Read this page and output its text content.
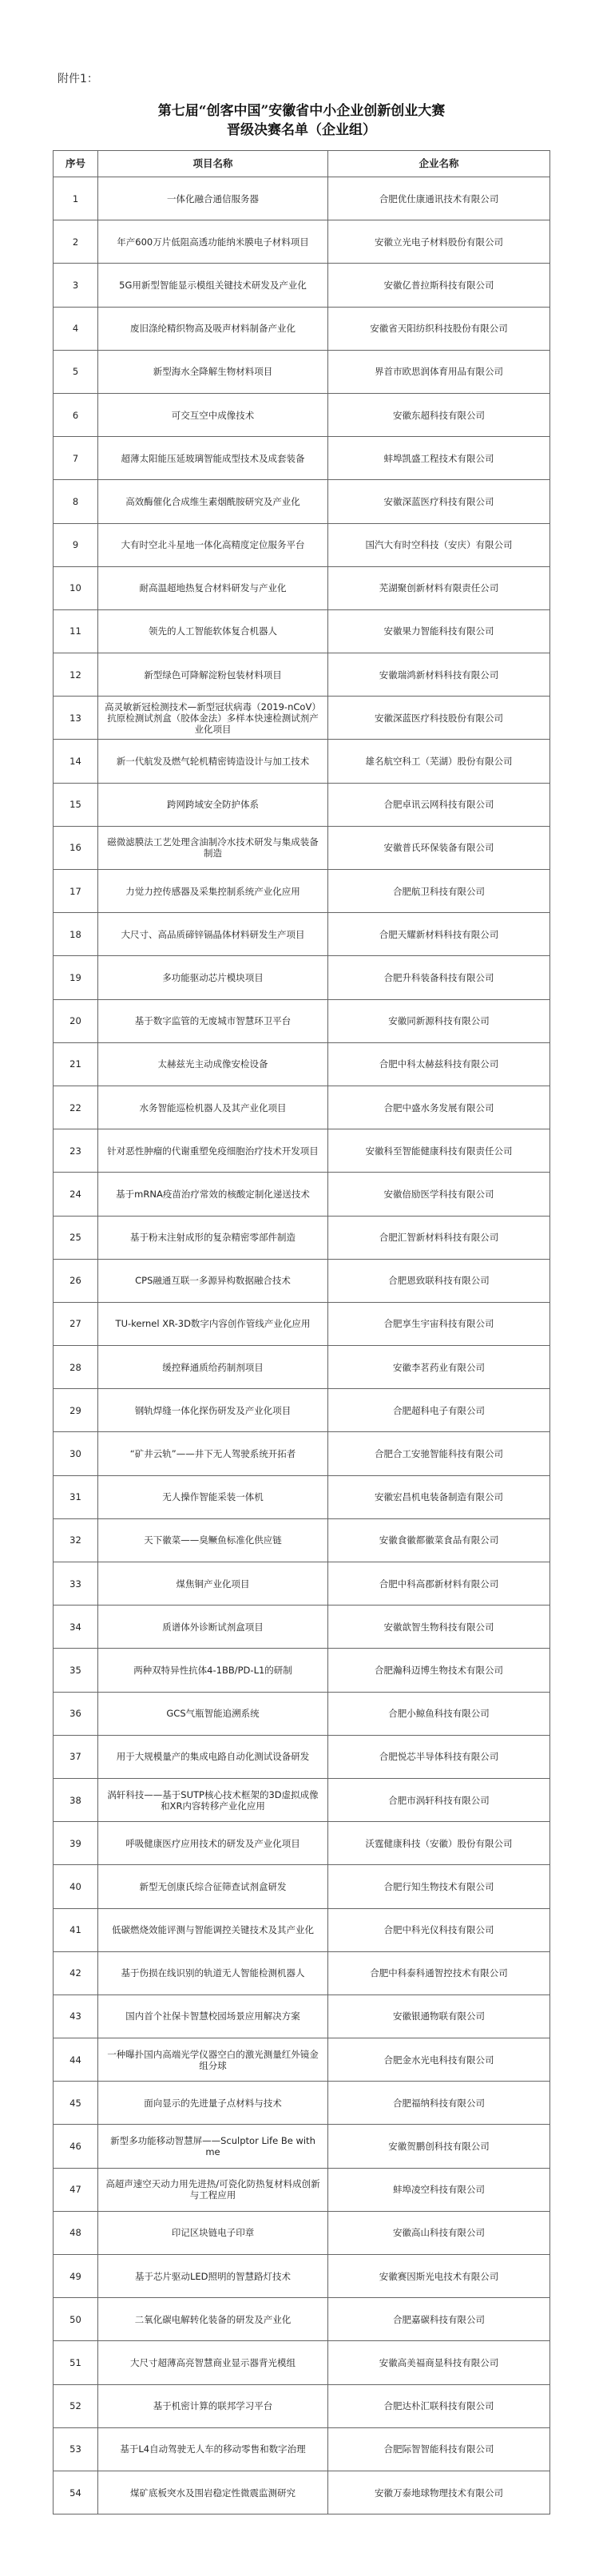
附件1：
第七届“创客中国”安徽省中小企业创新创业大赛
晋级决赛名单（企业组）
序号	项目名称	企业名称
1	一体化融合通信服务器	合肥优仕康通讯技术有限公司
2	年产600万片低阻高透功能纳米膜电子材料项目	安徽立光电子材料股份有限公司
3	5G用新型智能显示模组关键技术研发及产业化	安徽亿普拉斯科技有限公司
4	废旧涤纶精织物高及吸声材料制备产业化	安徽省天阳纺织科技股份有限公司
5	新型海水全降解生物材料项目	界首市欧思润体育用品有限公司
6	可交互空中成像技术	安徽东超科技有限公司
7	超薄太阳能压延玻璃智能成型技术及成套装备	蚌埠凯盛工程技术有限公司
8	高效酶催化合成维生素烟酰胺研究及产业化	安徽深蓝医疗科技有限公司
9	大有时空北斗星地一体化高精度定位服务平台	国汽大有时空科技（安庆）有限公司
10	耐高温超地热复合材料研发与产业化	芜湖聚创新材料有限责任公司
11	领先的人工智能软体复合机器人	安徽果力智能科技有限公司
12	新型绿色可降解淀粉包装材料项目	安徽瑞鸿新材料科技有限公司
13	高灵敏新冠检测技术—新型冠状病毒（2019-nCoV）抗原检测试剂盒（胶体金法）多样本快速检测试剂产业化项目	安徽深蓝医疗科技股份有限公司
14	新一代航发及燃气轮机精密铸造设计与加工技术	雄名航空科工（芜湖）股份有限公司
15	跨网跨域安全防护体系	合肥卓讯云网科技有限公司
16	磁微滤膜法工艺处理含油制冷水技术研发与集成装备制造	安徽普氏环保装备有限公司
17	力觉力控传感器及采集控制系统产业化应用	合肥航卫科技有限公司
18	大尺寸、高品质碲锌镉晶体材料研发生产项目	合肥天耀新材料科技有限公司
19	多功能驱动芯片模块项目	合肥升科装备科技有限公司
20	基于数字监管的无废城市智慧环卫平台	安徽同新源科技有限公司
21	太赫兹光主动成像安检设备	合肥中科太赫兹科技有限公司
22	水务智能巡检机器人及其产业化项目	合肥中盛水务发展有限公司
23	针对恶性肿瘤的代谢重塑免疫细胞治疗技术开发项目	安徽科至智能健康科技有限责任公司
24	基于mRNA疫苗治疗常效的核酸定制化递送技术	安徽倍励医学科技有限公司
25	基于粉末注射成形的复杂精密零部件制造	合肥汇智新材料科技有限公司
26	CPS融通互联一多源异构数据融合技术	合肥恩致联科技有限公司
27	TU-kernel XR-3D数字内容创作管线产业化应用	合肥享生宇宙科技有限公司
28	缓控释通质给药制剂项目	安徽李茗药业有限公司
29	钢轨焊缝一体化探伤研发及产业化项目	合肥超科电子有限公司
30	“矿井云轨”——井下无人驾驶系统开拓者	合肥合工安驰智能科技有限公司
31	无人操作智能采装一体机	安徽宏昌机电装备制造有限公司
32	天下徽菜——臭鳜鱼标准化供应链	安徽食徽都徽菜食品有限公司
33	煤焦铜产业化项目	合肥中科高郡新材料有限公司
34	质谱体外诊断试剂盒项目	安徽歆智生物科技有限公司
35	两种双特异性抗体4-1BB/PD-L1的研制	合肥瀚科迈博生物技术有限公司
36	GCS气瓶智能追溯系统	合肥小鲸鱼科技有限公司
37	用于大规模量产的集成电路自动化测试设备研发	合肥悦芯半导体科技有限公司
38	涡轩科技——基于SUTP核心技术框架的3D虚拟成像和XR内容转移产业化应用	合肥市涡轩科技有限公司
39	呼吸健康医疗应用技术的研发及产业化项目	沃霆健康科技（安徽）股份有限公司
40	新型无创康氏综合征筛查试剂盒研发	合肥行知生物技术有限公司
41	低碳燃烧效能评测与智能调控关键技术及其产业化	合肥中科光仪科技有限公司
42	基于伤损在线识别的轨道无人智能检测机器人	合肥中科泰科通智控技术有限公司
43	国内首个社保卡智慧校园场景应用解决方案	安徽银通物联有限公司
44	一种曝扑国内高端光学仪器空白的激光测量红外镜金组分球	合肥金水光电科技有限公司
45	面向显示的先进量子点材料与技术	合肥福纳科技有限公司
46	新型多功能移动智慧屏——Sculptor Life Be with me	安徽贺鹏创科技有限公司
47	高超声速空天动力用先进热/可瓷化防热复材料成创新与工程应用	蚌埠凌空科技有限公司
48	印记区块链电子印章	安徽高山科技有限公司
49	基于芯片驱动LED照明的智慧路灯技术	安徽赛因斯光电技术有限公司
50	二氧化碳电解转化装备的研发及产业化	合肥嘉碳科技有限公司
51	大尺寸超薄高亮智慧商业显示器背光模组	安徽高美福商显科技有限公司
52	基于机密计算的联邦学习平台	合肥达朴汇联科技有限公司
53	基于L4自动驾驶无人车的移动零售和数字治理	合肥际智智能科技有限公司
54	煤矿底板突水及围岩稳定性微震监测研究	安徽万泰地球物理技术有限公司
